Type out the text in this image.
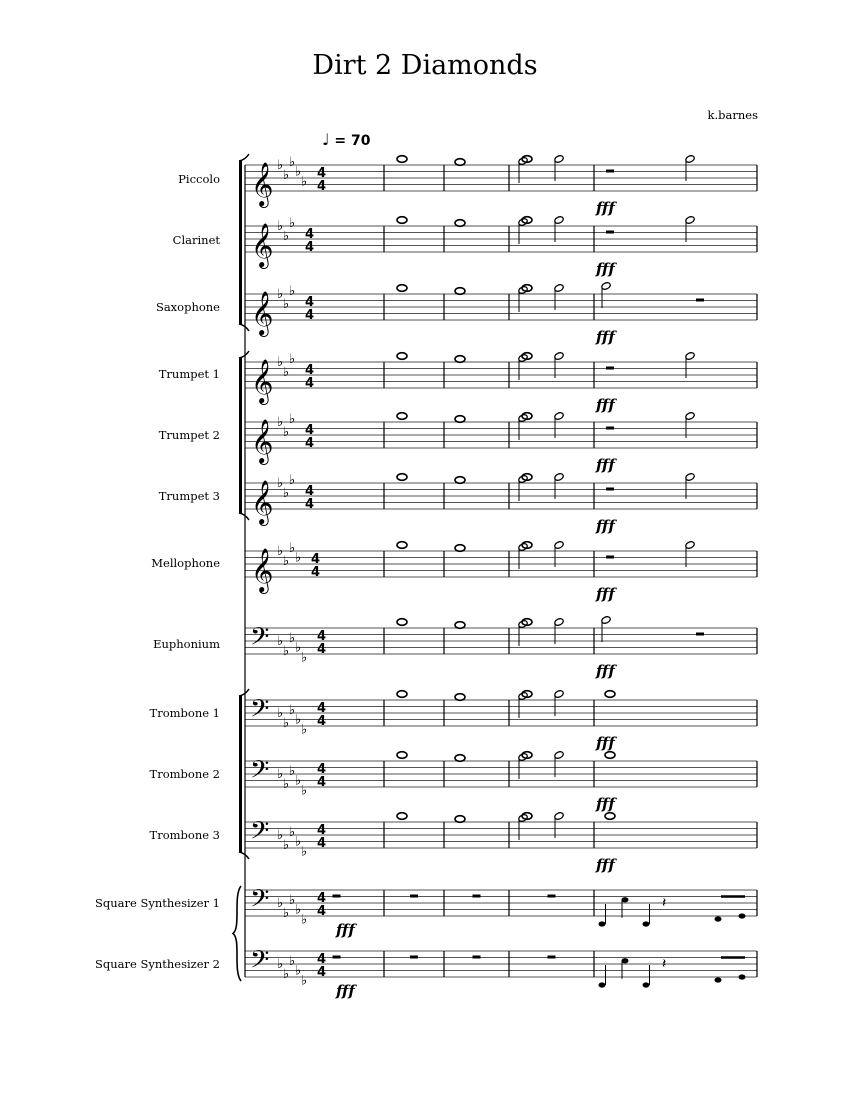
Dirt 2 Diamonds
k.barnes
♩ = 70
Piccolo
Clarinet
Saxophone
Trumpet 1
Trumpet 2
Trumpet 3
Mellophone
Euphonium
Trombone 1
Trombone 2
Trombone 3
Square Synthesizer 1
Square Synthesizer 2
𝄞 ♭
♭
♭
♭
♭
4
4
𝄞 ♭
♭
♭
4
4
𝄞 ♭
♭
♭
4
4
𝄞 ♭
♭
♭
4
4
𝄞 ♭
♭
♭
4
4
𝄞 ♭
♭
♭
4
4
𝄞 ♭
♭
♭
♭ 4
4
𝄢 ♭
♭
♭
♭
♭
4
4
𝄢 ♭
♭
♭
♭
♭
4
4
𝄢 ♭
♭
♭
♭
♭
4
4
𝄢 ♭
♭
♭
♭
♭
4
4
𝄢 ♭
♭
♭
♭
♭
4
4
𝄢 ♭
♭
♭
♭
♭
4
4
fff
fff
fff
fff
fff
fff
fff
fff
fff
fff
fff
fff
𝄽
fff
𝄽
